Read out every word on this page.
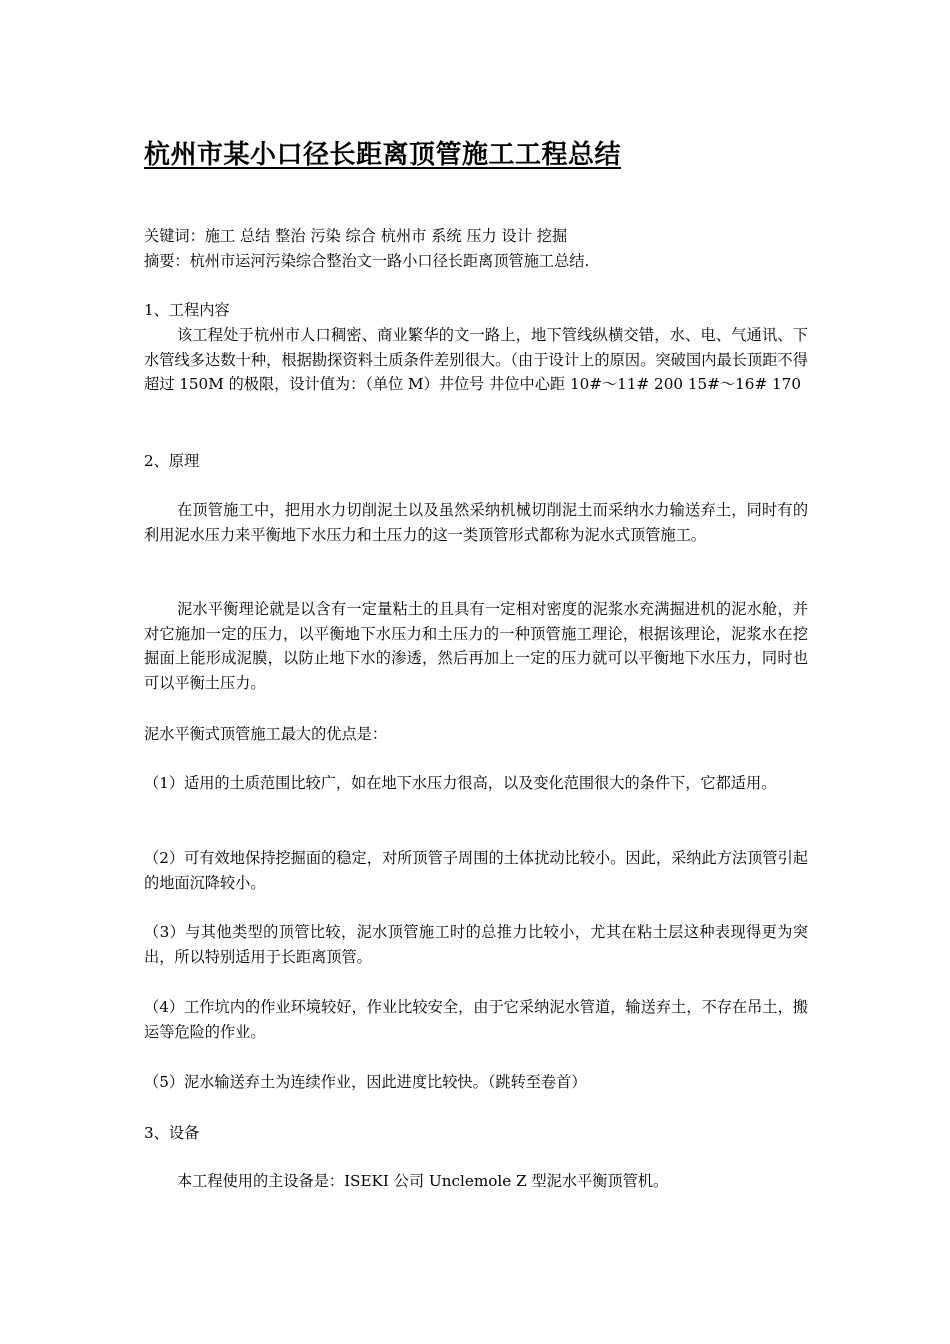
杭州市某小口径长距离顶管施工工程总结
关键词：施工 总结 整治 污染 综合 杭州市 系统 压力 设计 挖掘
摘要：杭州市运河污染综合整治文一路小口径长距离顶管施工总结.
1、工程内容
该工程处于杭州市人口稠密、商业繁华的文一路上，地下管线纵横交错，水、电、气通讯、下水管线多达数十种，根据勘探资料土质条件差别很大。（由于设计上的原因。突破国内最长顶距不得超过 150M 的极限，设计值为：（单位 M）井位号 井位中心距 10#～11# 200 15#～16# 170
2、原理
在顶管施工中，把用水力切削泥土以及虽然采纳机械切削泥土而采纳水力输送弃土，同时有的利用泥水压力来平衡地下水压力和土压力的这一类顶管形式都称为泥水式顶管施工。
泥水平衡理论就是以含有一定量粘土的且具有一定相对密度的泥浆水充满掘进机的泥水舱，并对它施加一定的压力，以平衡地下水压力和土压力的一种顶管施工理论，根据该理论，泥浆水在挖掘面上能形成泥膜，以防止地下水的渗透，然后再加上一定的压力就可以平衡地下水压力，同时也可以平衡土压力。
泥水平衡式顶管施工最大的优点是：
（1）适用的土质范围比较广，如在地下水压力很高，以及变化范围很大的条件下，它都适用。
（2）可有效地保持挖掘面的稳定，对所顶管子周围的土体扰动比较小。因此，采纳此方法顶管引起的地面沉降较小。
（3）与其他类型的顶管比较，泥水顶管施工时的总推力比较小，尤其在粘土层这种表现得更为突出，所以特别适用于长距离顶管。
（4）工作坑内的作业环境较好，作业比较安全，由于它采纳泥水管道，输送弃土，不存在吊土，搬运等危险的作业。
（5）泥水输送弃土为连续作业，因此进度比较快。（跳转至卷首）
3、设备
本工程使用的主设备是：ISEKI 公司 Unclemole Z 型泥水平衡顶管机。
